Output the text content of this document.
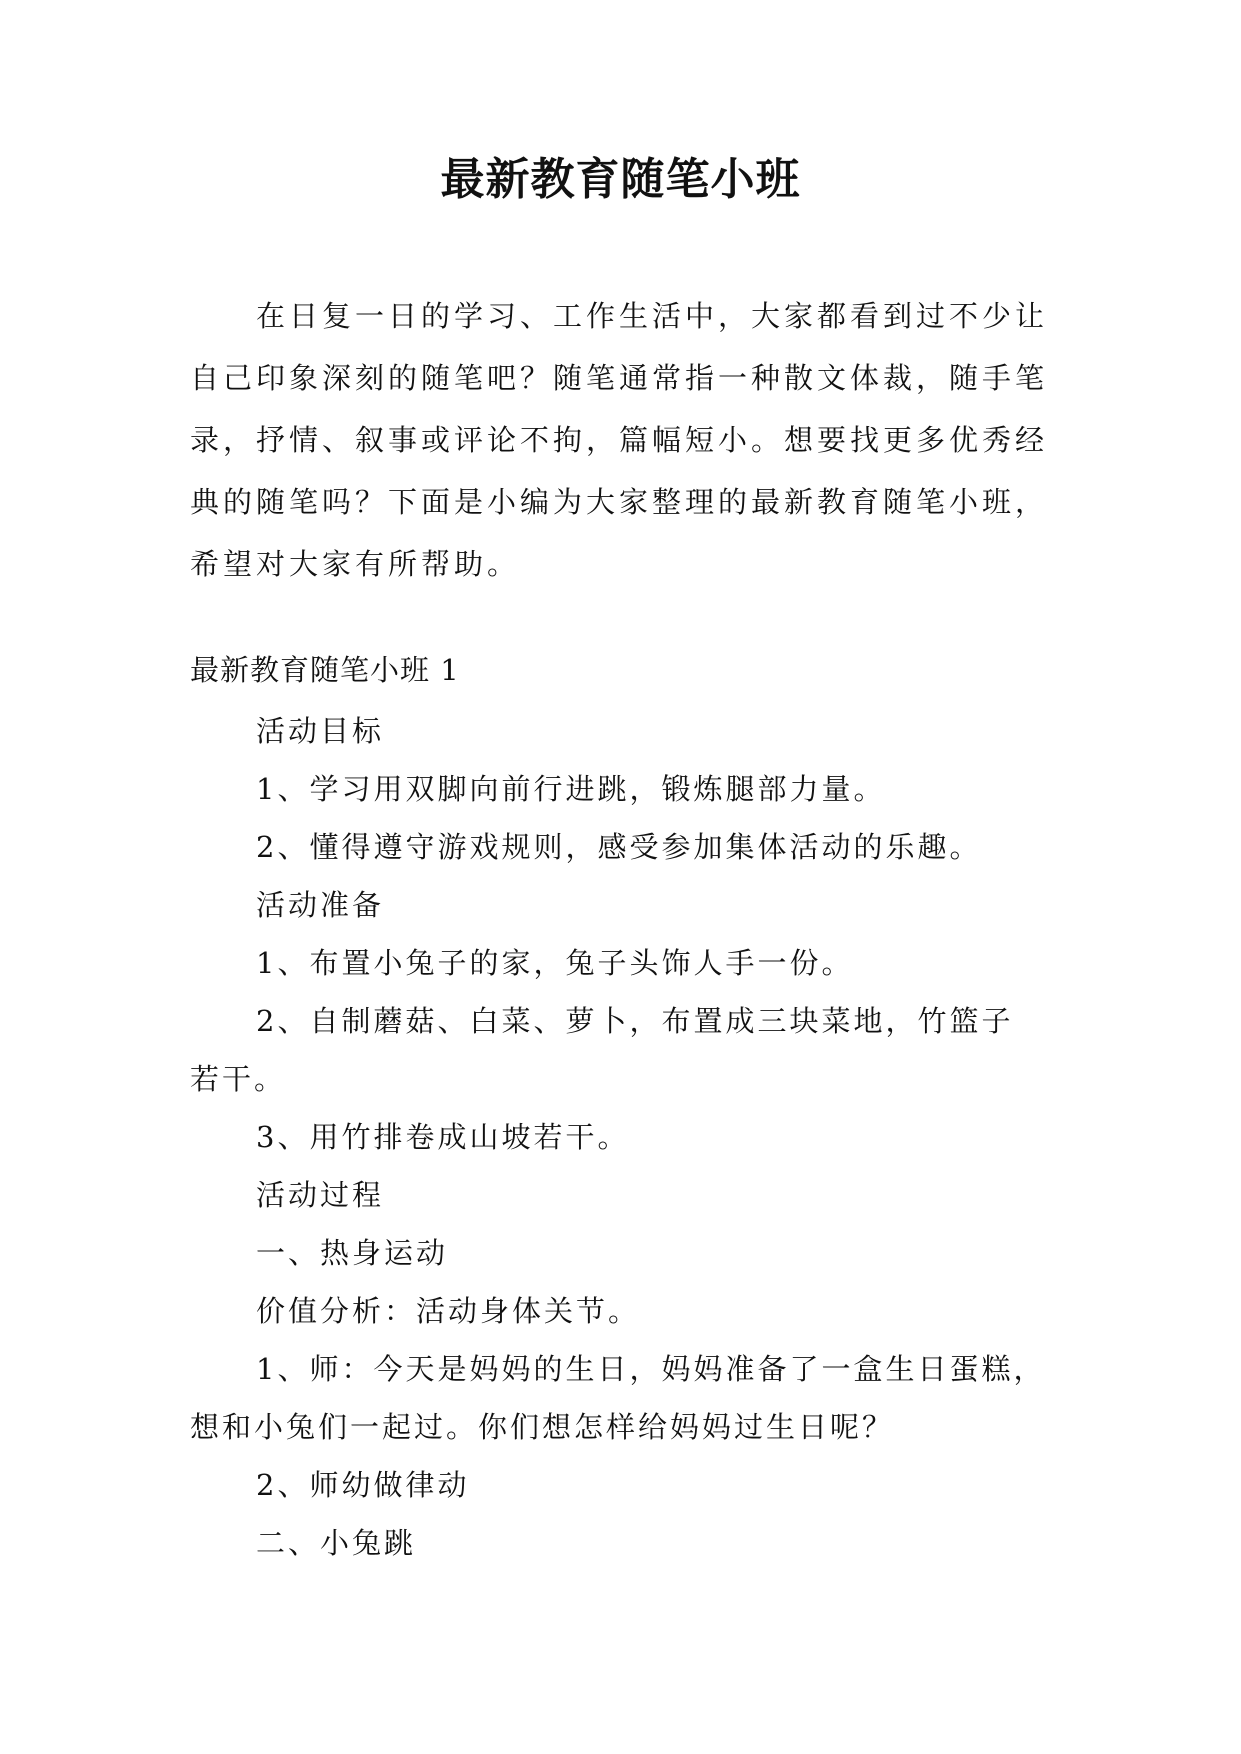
最新教育随笔小班
在日复一日的学习、工作生活中，大家都看到过不少让
自己印象深刻的随笔吧？随笔通常指一种散文体裁，随手笔
录，抒情、叙事或评论不拘，篇幅短小。想要找更多优秀经
典的随笔吗？下面是小编为大家整理的最新教育随笔小班，
希望对大家有所帮助。
最新教育随笔小班 1
活动目标
1、学习用双脚向前行进跳，锻炼腿部力量。
2、懂得遵守游戏规则，感受参加集体活动的乐趣。
活动准备
1、布置小兔子的家，兔子头饰人手一份。
2、自制蘑菇、白菜、萝卜，布置成三块菜地，竹篮子
若干。
3、用竹排卷成山坡若干。
活动过程
一、热身运动
价值分析：活动身体关节。
1、师：今天是妈妈的生日，妈妈准备了一盒生日蛋糕，
想和小兔们一起过。你们想怎样给妈妈过生日呢？
2、师幼做律动
二、小兔跳
